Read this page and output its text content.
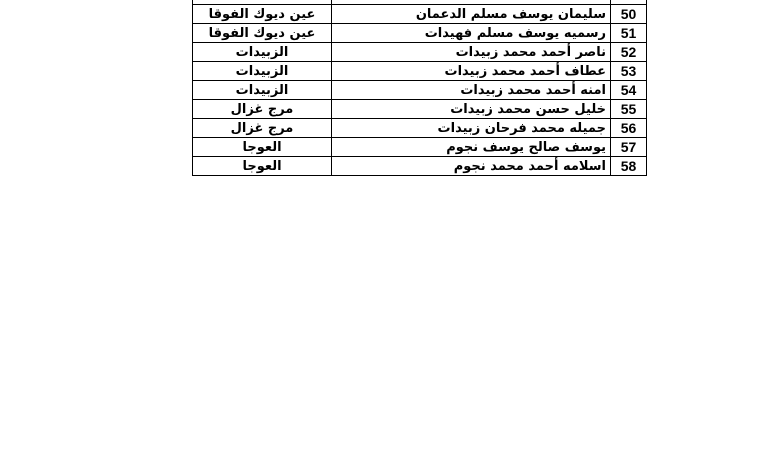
50	سليمان يوسف مسلم الدعمان	عين ديوك الفوقا
51	رسميه يوسف مسلم فهيدات	عين ديوك الفوقا
52	ناصر أحمد محمد زبيدات	الزبيدات
53	عطاف أحمد محمد زبيدات	الزبيدات
54	امنه أحمد محمد زبيدات	الزبيدات
55	خليل حسن محمد زبيدات	مرج غزال
56	جميله محمد فرحان زبيدات	مرج غزال
57	يوسف صالح يوسف نجوم	العوجا
58	اسلامه أحمد محمد نجوم	العوجا
